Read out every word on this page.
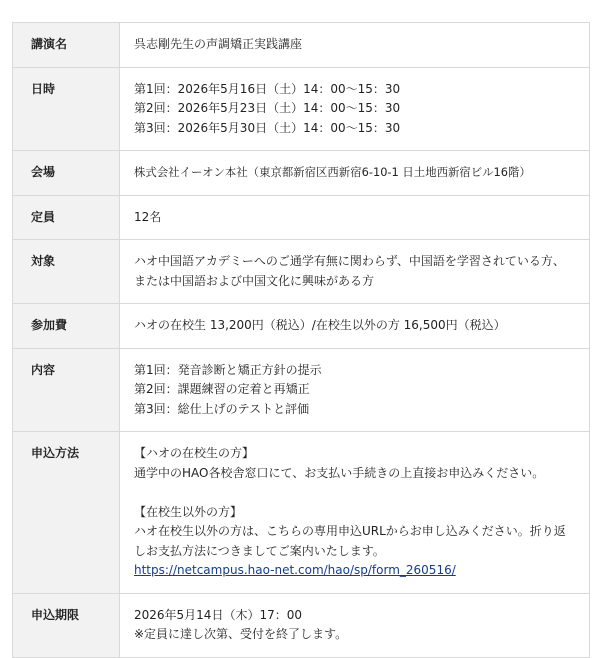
講演名	呉志剛先生の声調矯正実践講座
日時	第1回：2026年5月16日（土）14：00～15：30
第2回：2026年5月23日（土）14：00～15：30
第3回：2026年5月30日（土）14：00～15：30

会場	株式会社イーオン本社（東京都新宿区西新宿6-10-1 日土地西新宿ビル16階）
定員	12名
対象	ハオ中国語アカデミーへのご通学有無に関わらず、中国語を学習されている方、または中国語および中国文化に興味がある方
参加費	ハオの在校生 13,200円（税込）/在校生以外の方 16,500円（税込）
内容	第1回：発音診断と矯正方針の提示
第2回：課題練習の定着と再矯正
第3回：総仕上げのテストと評価

申込方法	【ハオの在校生の方】
通学中のHAO各校舎窓口にて、お支払い手続きの上直接お申込みください。
【在校生以外の方】
ハオ在校生以外の方は、こちらの専用申込URLからお申し込みください。折り返しお支払方法につきましてご案内いたします。
https://netcampus.hao-net.com/hao/sp/form_260516/

申込期限	2026年5月14日（木）17：00
※定員に達し次第、受付を終了します。
